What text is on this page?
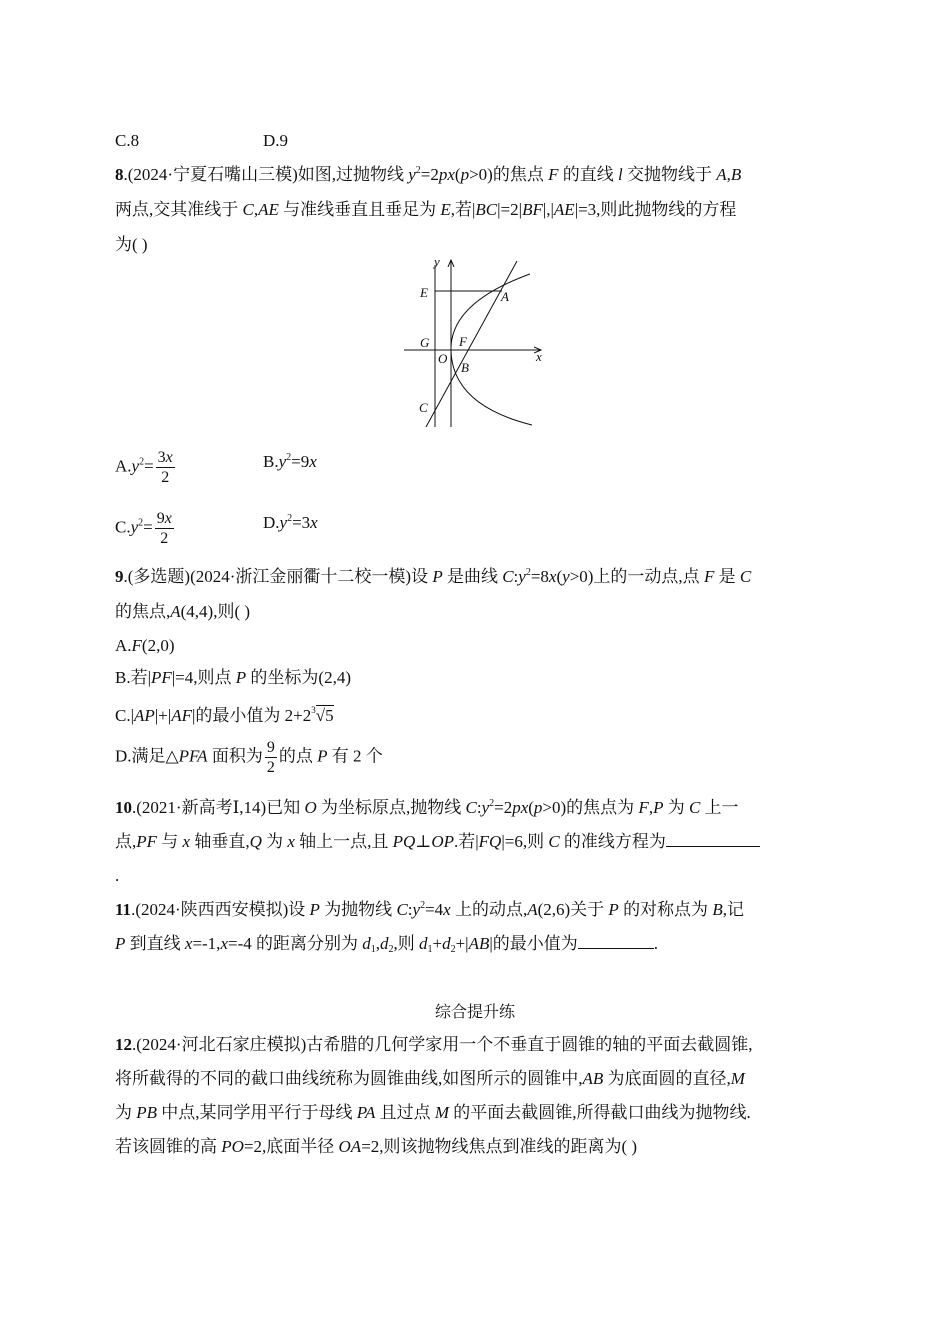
C.8	D.9
8.(2024·宁夏石嘴山三模)如图,过抛物线 $y^2=2px(p>0)$的焦点 F 的直线 l 交抛物线于 A,B
两点,交其准线于 C,AE 与准线垂直且垂足为 E,若|BC|=2|BF|,|AE|=3,则此抛物线的方程
为( )
y
x
E	A
G
O
F
B
C
$A.y^2= \frac{3x}{2}$	$B.y^2=9x$
$C.y^2= \frac{9x}{2}$	$D.y^2=3x$
9.(多选题)(2024·浙江金丽衢十二校一模)设 P 是曲线 $C:y^2=8x(y>0)$上的一动点,点 F 是 C
的焦点,A(4,4),则( )
A.F(2,0)
B.若|PF|=4,则点 P 的坐标为(2,4)
C.|AP|+|AF|的最小值为 $2+2^3√5$
D.满足△PFA 面积为 $\frac{9}{2}$ 的点 P 有 2 个
10.(2021·新高考Ⅰ,14)已知 O 为坐标原点,抛物线 $C:y^2=2px(p>0)$的焦点为 F,P 为 C 上一
点,PF 与 x 轴垂直,Q 为 x 轴上一点,且 PQ⊥OP.若|FQ|=6,则 C 的准线方程为
.
11.(2024·陕西西安模拟)设 P 为抛物线 $C:y^2=4x$ 上的动点,A(2,6)关于 P 的对称点为 B,记
P 到直线 x=-1,x=-4 的距离分别为 $d_1,d_2$,则 $d_1+d_2+|AB|$的最小值为	.
综合提升练
12.(2024·河北石家庄模拟)古希腊的几何学家用一个不垂直于圆锥的轴的平面去截圆锥,
将所截得的不同的截口曲线统称为圆锥曲线,如图所示的圆锥中,AB 为底面圆的直径,M
为 PB 中点,某同学用平行于母线 PA 且过点 M 的平面去截圆锥,所得截口曲线为抛物线.
若该圆锥的高 PO=2,底面半径 OA=2,则该抛物线焦点到准线的距离为( )
